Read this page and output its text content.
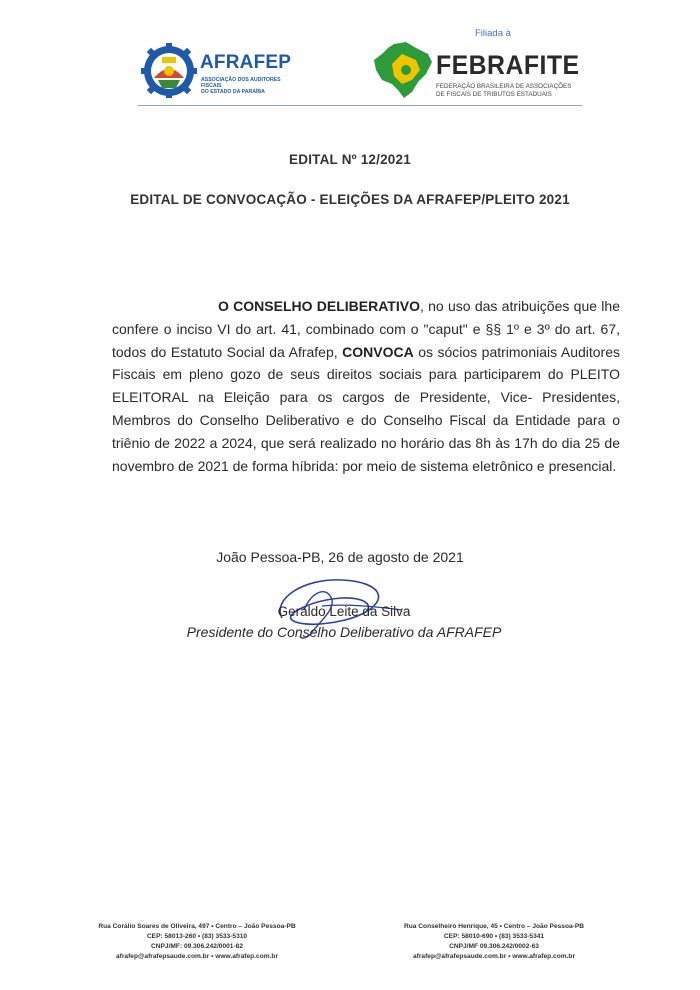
AFRAFEP
ASSOCIAÇÃO DOS AUDITORES FISCAIS
DO ESTADO DA PARAÍBA
Filiada à
FEBRAFITE
FEDERAÇÃO BRASILEIRA DE ASSOCIAÇÕES
DE FISCAIS DE TRIBUTOS ESTADUAIS
EDITAL Nº 12/2021
EDITAL DE CONVOCAÇÃO - ELEIÇÕES DA AFRAFEP/PLEITO 2021
O CONSELHO DELIBERATIVO, no uso das atribuições que lhe confere o inciso VI do art. 41, combinado com o "caput" e §§ 1º e 3º do art. 67, todos do Estatuto Social da Afrafep, CONVOCA os sócios patrimoniais Auditores Fiscais em pleno gozo de seus direitos sociais para participarem do PLEITO ELEITORAL na Eleição para os cargos de Presidente, Vice- Presidentes, Membros do Conselho Deliberativo e do Conselho Fiscal da Entidade para o triênio de 2022 a 2024, que será realizado no horário das 8h às 17h do dia 25 de novembro de 2021 de forma híbrida: por meio de sistema eletrônico e presencial.
João Pessoa-PB, 26 de agosto de 2021
Geraldo Leite da Silva
Presidente do Conselho Deliberativo da AFRAFEP
Rua Corálio Soares de Oliveira, 497 • Centro – João Pessoa-PB
CEP: 58013-260 • (83) 3533-5310
CNPJ/MF: 09.306.242/0001-82
afrafep@afrafepsaude.com.br • www.afrafep.com.br
Rua Conselheiro Henrique, 45 • Centro – João Pessoa-PB
CEP: 58010-690 • (83) 3533-5341
CNPJ/MF 09.306.242/0002-63
afrafep@afrafepsaude.com.br • www.afrafep.com.br
